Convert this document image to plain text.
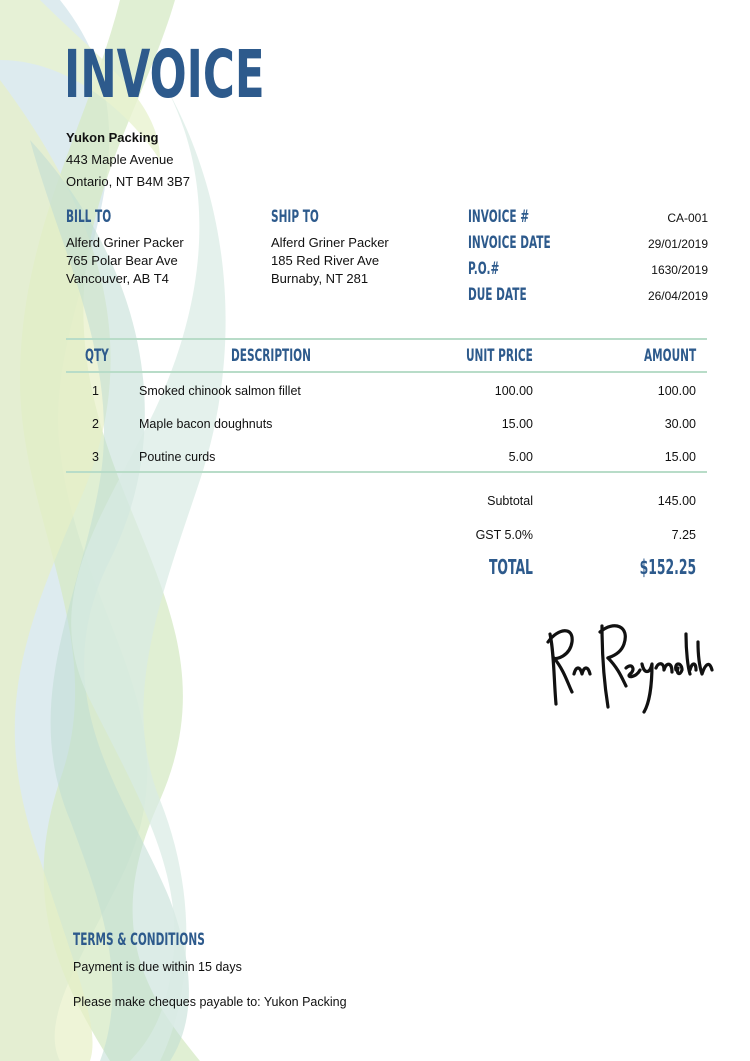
INVOICE
Yukon Packing
443 Maple Avenue
Ontario, NT B4M 3B7
BILL TO
Alferd Griner Packer
765 Polar Bear Ave
Vancouver, AB T4
SHIP TO
Alferd Griner Packer
185 Red River Ave
Burnaby, NT 281
INVOICE #	CA-001
INVOICE DATE	29/01/2019
P.O.#	1630/2019
DUE DATE	26/04/2019
QTY	DESCRIPTION	UNIT PRICE	AMOUNT
1	Smoked chinook salmon fillet	100.00	100.00
2	Maple bacon doughnuts	15.00	30.00
3	Poutine curds	5.00	15.00
Subtotal	145.00
GST 5.0%	7.25
TOTAL	$152.25
TERMS & CONDITIONS
Payment is due within 15 days
Please make cheques payable to: Yukon Packing
